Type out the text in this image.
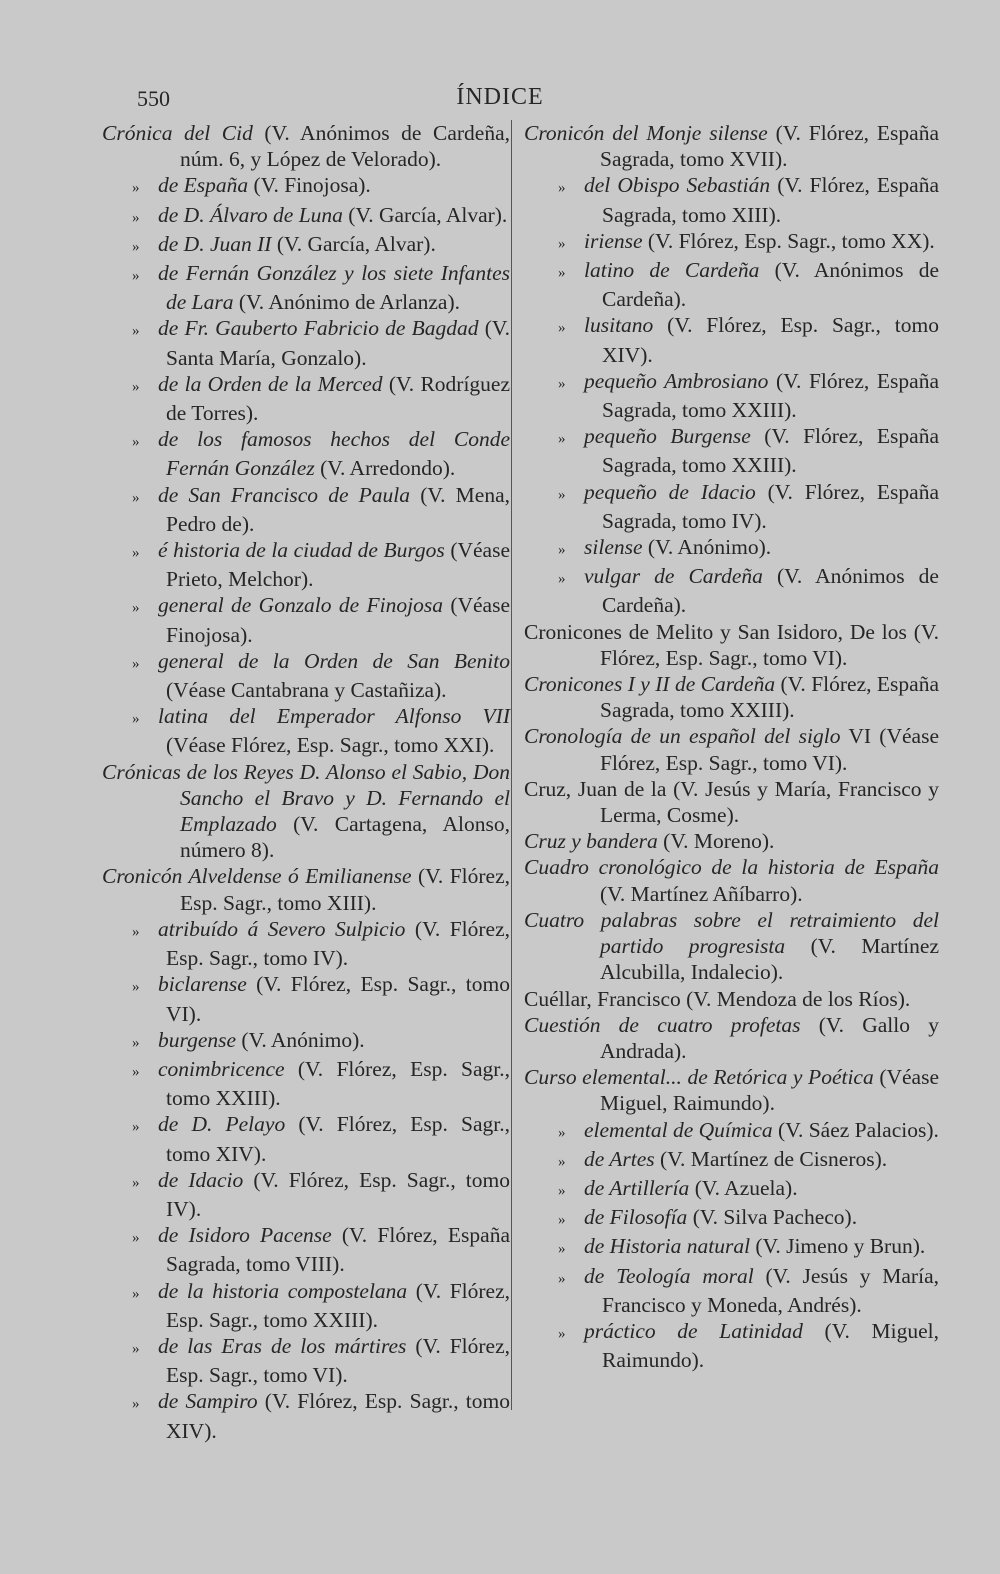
550	ÍNDICE
Crónica del Cid (V. Anónimos de Cardeña, núm. 6, y López de Velorado).
» de España (V. Finojosa).
» de D. Álvaro de Luna (V. García, Alvar).
» de D. Juan II (V. García, Alvar).
» de Fernán González y los siete Infantes de Lara (V. Anónimo de Arlanza).
» de Fr. Gauberto Fabricio de Bagdad (V. Santa María, Gonzalo).
» de la Orden de la Merced (V. Rodríguez de Torres).
» de los famosos hechos del Conde Fernán González (V. Arredondo).
» de San Francisco de Paula (V. Mena, Pedro de).
» é historia de la ciudad de Burgos (Véase Prieto, Melchor).
» general de Gonzalo de Finojosa (Véase Finojosa).
» general de la Orden de San Benito (Véase Cantabrana y Castañiza).
» latina del Emperador Alfonso VII (Véase Flórez, Esp. Sagr., tomo XXI).
Crónicas de los Reyes D. Alonso el Sabio, Don Sancho el Bravo y D. Fernando el Emplazado (V. Cartagena, Alonso, número 8).
Cronicón Alveldense ó Emilianense (V. Flórez, Esp. Sagr., tomo XIII).
» atribuído á Severo Sulpicio (V. Flórez, Esp. Sagr., tomo IV).
» biclarense (V. Flórez, Esp. Sagr., tomo VI).
» burgense (V. Anónimo).
» conimbricence (V. Flórez, Esp. Sagr., tomo XXIII).
» de D. Pelayo (V. Flórez, Esp. Sagr., tomo XIV).
» de Idacio (V. Flórez, Esp. Sagr., tomo IV).
» de Isidoro Pacense (V. Flórez, España Sagrada, tomo VIII).
» de la historia compostelana (V. Flórez, Esp. Sagr., tomo XXIII).
» de las Eras de los mártires (V. Flórez, Esp. Sagr., tomo VI).
» de Sampiro (V. Flórez, Esp. Sagr., tomo XIV).
Cronicón del Monje silense (V. Flórez, España Sagrada, tomo XVII).
» del Obispo Sebastián (V. Flórez, España Sagrada, tomo XIII).
» iriense (V. Flórez, Esp. Sagr., tomo XX).
» latino de Cardeña (V. Anónimos de Cardeña).
» lusitano (V. Flórez, Esp. Sagr., tomo XIV).
» pequeño Ambrosiano (V. Flórez, España Sagrada, tomo XXIII).
» pequeño Burgense (V. Flórez, España Sagrada, tomo XXIII).
» pequeño de Idacio (V. Flórez, España Sagrada, tomo IV).
» silense (V. Anónimo).
» vulgar de Cardeña (V. Anónimos de Cardeña).
Cronicones de Melito y San Isidoro, De los (V. Flórez, Esp. Sagr., tomo VI).
Cronicones I y II de Cardeña (V. Flórez, España Sagrada, tomo XXIII).
Cronología de un español del siglo VI (Véase Flórez, Esp. Sagr., tomo VI).
Cruz, Juan de la (V. Jesús y María, Francisco y Lerma, Cosme).
Cruz y bandera (V. Moreno).
Cuadro cronológico de la historia de España (V. Martínez Añíbarro).
Cuatro palabras sobre el retraimiento del partido progresista (V. Martínez Alcubilla, Indalecio).
Cuéllar, Francisco (V. Mendoza de los Ríos).
Cuestión de cuatro profetas (V. Gallo y Andrada).
Curso elemental... de Retórica y Poética (Véase Miguel, Raimundo).
» elemental de Química (V. Sáez Palacios).
» de Artes (V. Martínez de Cisneros).
» de Artillería (V. Azuela).
» de Filosofía (V. Silva Pacheco).
» de Historia natural (V. Jimeno y Brun).
» de Teología moral (V. Jesús y María, Francisco y Moneda, Andrés).
» práctico de Latinidad (V. Miguel, Raimundo).
